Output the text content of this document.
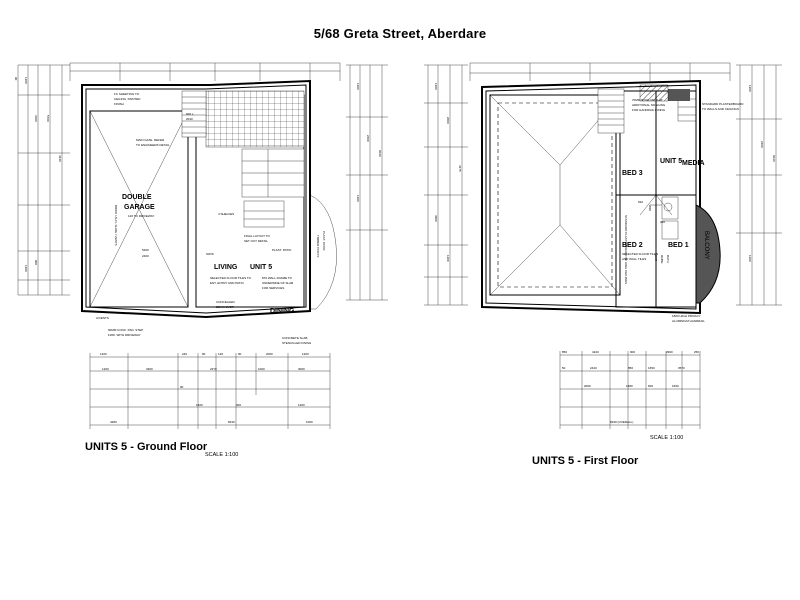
5/68 Greta Street, Aberdare
90 1200
3300	5700
4440
1200
900
1200
2400
6030
1200
DOUBLE
GARAGE
120 TO DRIVEWAY
BRICK / ALFI. SLIDE / VENTS
5460
2400
LIVING UNIT 5
DINING
SELECTED FLOOR TILES TO
ENT, ENTRY AND PATIO
870 WALL FRAME TO
UNDERSIDE OF SLAB
FOR SERVICES
CONCEALED
BEAM OVER
4 SHELVES
FINAL LAYOUT TO
SET OUT DETAIL
SW/S
PLAST. PATIO	TIMBER POSTS PLAST. PATIO
FC SHEETING TO
CEILING, PAINTED
FINISH
MAIN GATE. REFER
TO ENGINEERS DETAIL
600 x
2040
A/VENTS
90MM CONC. PAD. STEP
FWD. WITH DRIVEWAY
CONCRETE SLAB
STENCILLED FINISH
1200	240	90	120	90	2000	1200
1200	3300	2370	1000	3000
90
1600	300	1200
4280	8230	1000
UNITS 5 - Ground Floor
SCALE 1:100
1200
2000
4475
3800
1200
1200
2400
6030
1200
BED 3
UNIT 5 MEDIA
BED 2	BED 1
WIR
ROBE
SHR	BATH
620
320
BALCONY
70MM STUD ON FLAT,
ADDITIONAL NOGGING
FOR HANDRAIL FIXING
STANDARD PLASTERBOARD
TO WALLS AND CEILINGS
STANDARD PLASTERBOARD W/ HIGH CEILINGS
SELECTED FLOOR TILES
AND WALL TILES
1800 HIGH PRIVACY
ALUMINIUM HANDRAIL
850	4240	900	2900	250
50	2440	850	1650	3570
2000	1580	600	1600
8230 (OVERALL)
UNITS 5 - First Floor
SCALE 1:100
